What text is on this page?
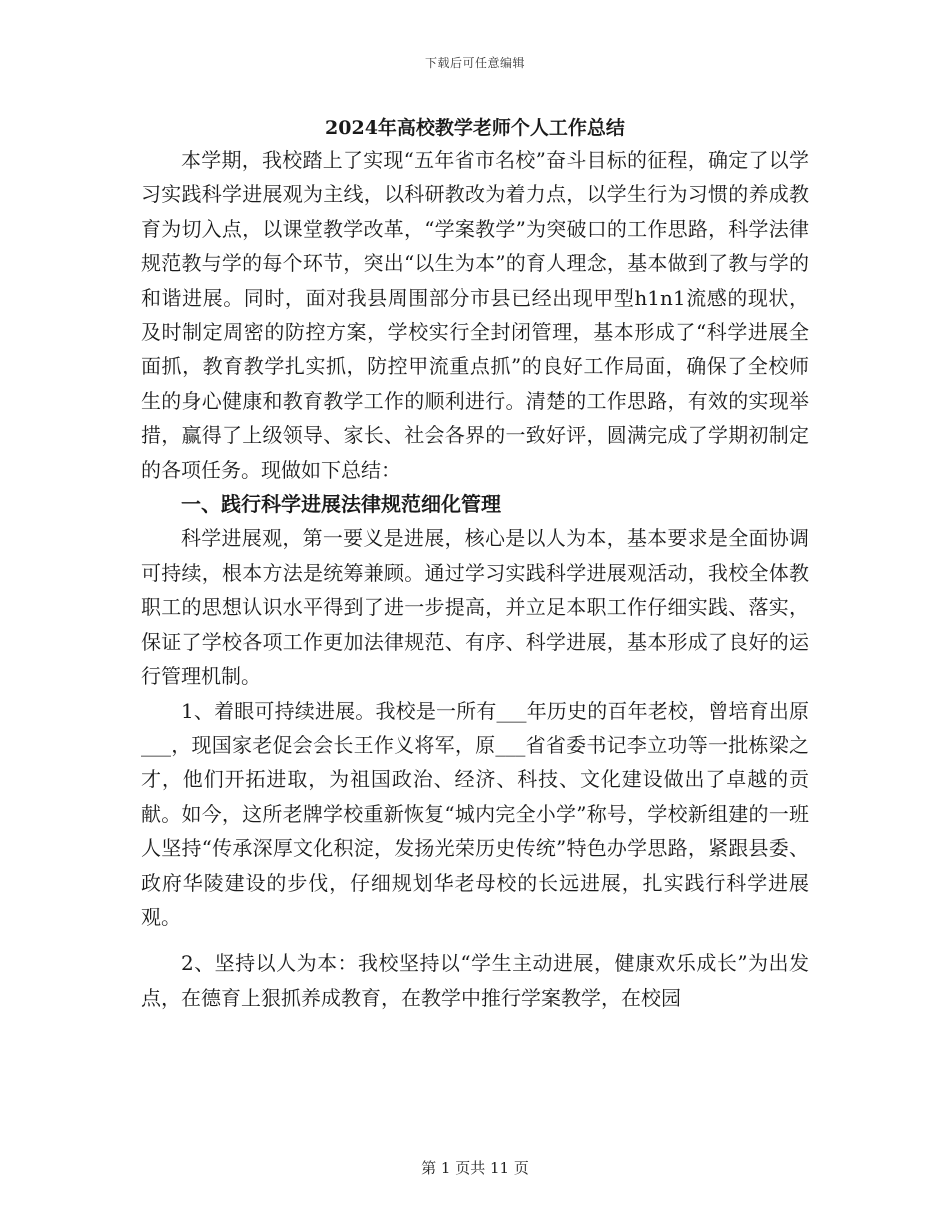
下载后可任意编辑
2024年高校教学老师个人工作总结

本学期，我校踏上了实现“五年省市名校”奋斗目标的征程，确定了以学习实践科学进展观为主线，以科研教改为着力点，以学生行为习惯的养成教育为切入点，以课堂教学改革，“学案教学”为突破口的工作思路，科学法律规范教与学的每个环节，突出“以生为本”的育人理念，基本做到了教与学的和谐进展。同时，面对我县周围部分市县已经出现甲型h1n1流感的现状，及时制定周密的防控方案，学校实行全封闭管理，基本形成了“科学进展全面抓，教育教学扎实抓，防控甲流重点抓”的良好工作局面，确保了全校师生的身心健康和教育教学工作的顺利进行。清楚的工作思路，有效的实现举措，赢得了上级领导、家长、社会各界的一致好评，圆满完成了学期初制定的各项任务。现做如下总结：

一、践行科学进展法律规范细化管理

科学进展观，第一要义是进展，核心是以人为本，基本要求是全面协调可持续，根本方法是统筹兼顾。通过学习实践科学进展观活动，我校全体教职工的思想认识水平得到了进一步提高，并立足本职工作仔细实践、落实，保证了学校各项工作更加法律规范、有序、科学进展，基本形成了良好的运行管理机制。

1、着眼可持续进展。我校是一所有___年历史的百年老校，曾培育出原___，现国家老促会会长王作义将军，原___省省委书记李立功等一批栋梁之才，他们开拓进取，为祖国政治、经济、科技、文化建设做出了卓越的贡献。如今，这所老牌学校重新恢复“城内完全小学”称号，学校新组建的一班人坚持“传承深厚文化积淀，发扬光荣历史传统”特色办学思路，紧跟县委、政府华陵建设的步伐，仔细规划华老母校的长远进展，扎实践行科学进展观。

2、坚持以人为本：我校坚持以“学生主动进展，健康欢乐成长”为出发点，在德育上狠抓养成教育，在教学中推行学案教学，在校园

第 1 页共 11 页
